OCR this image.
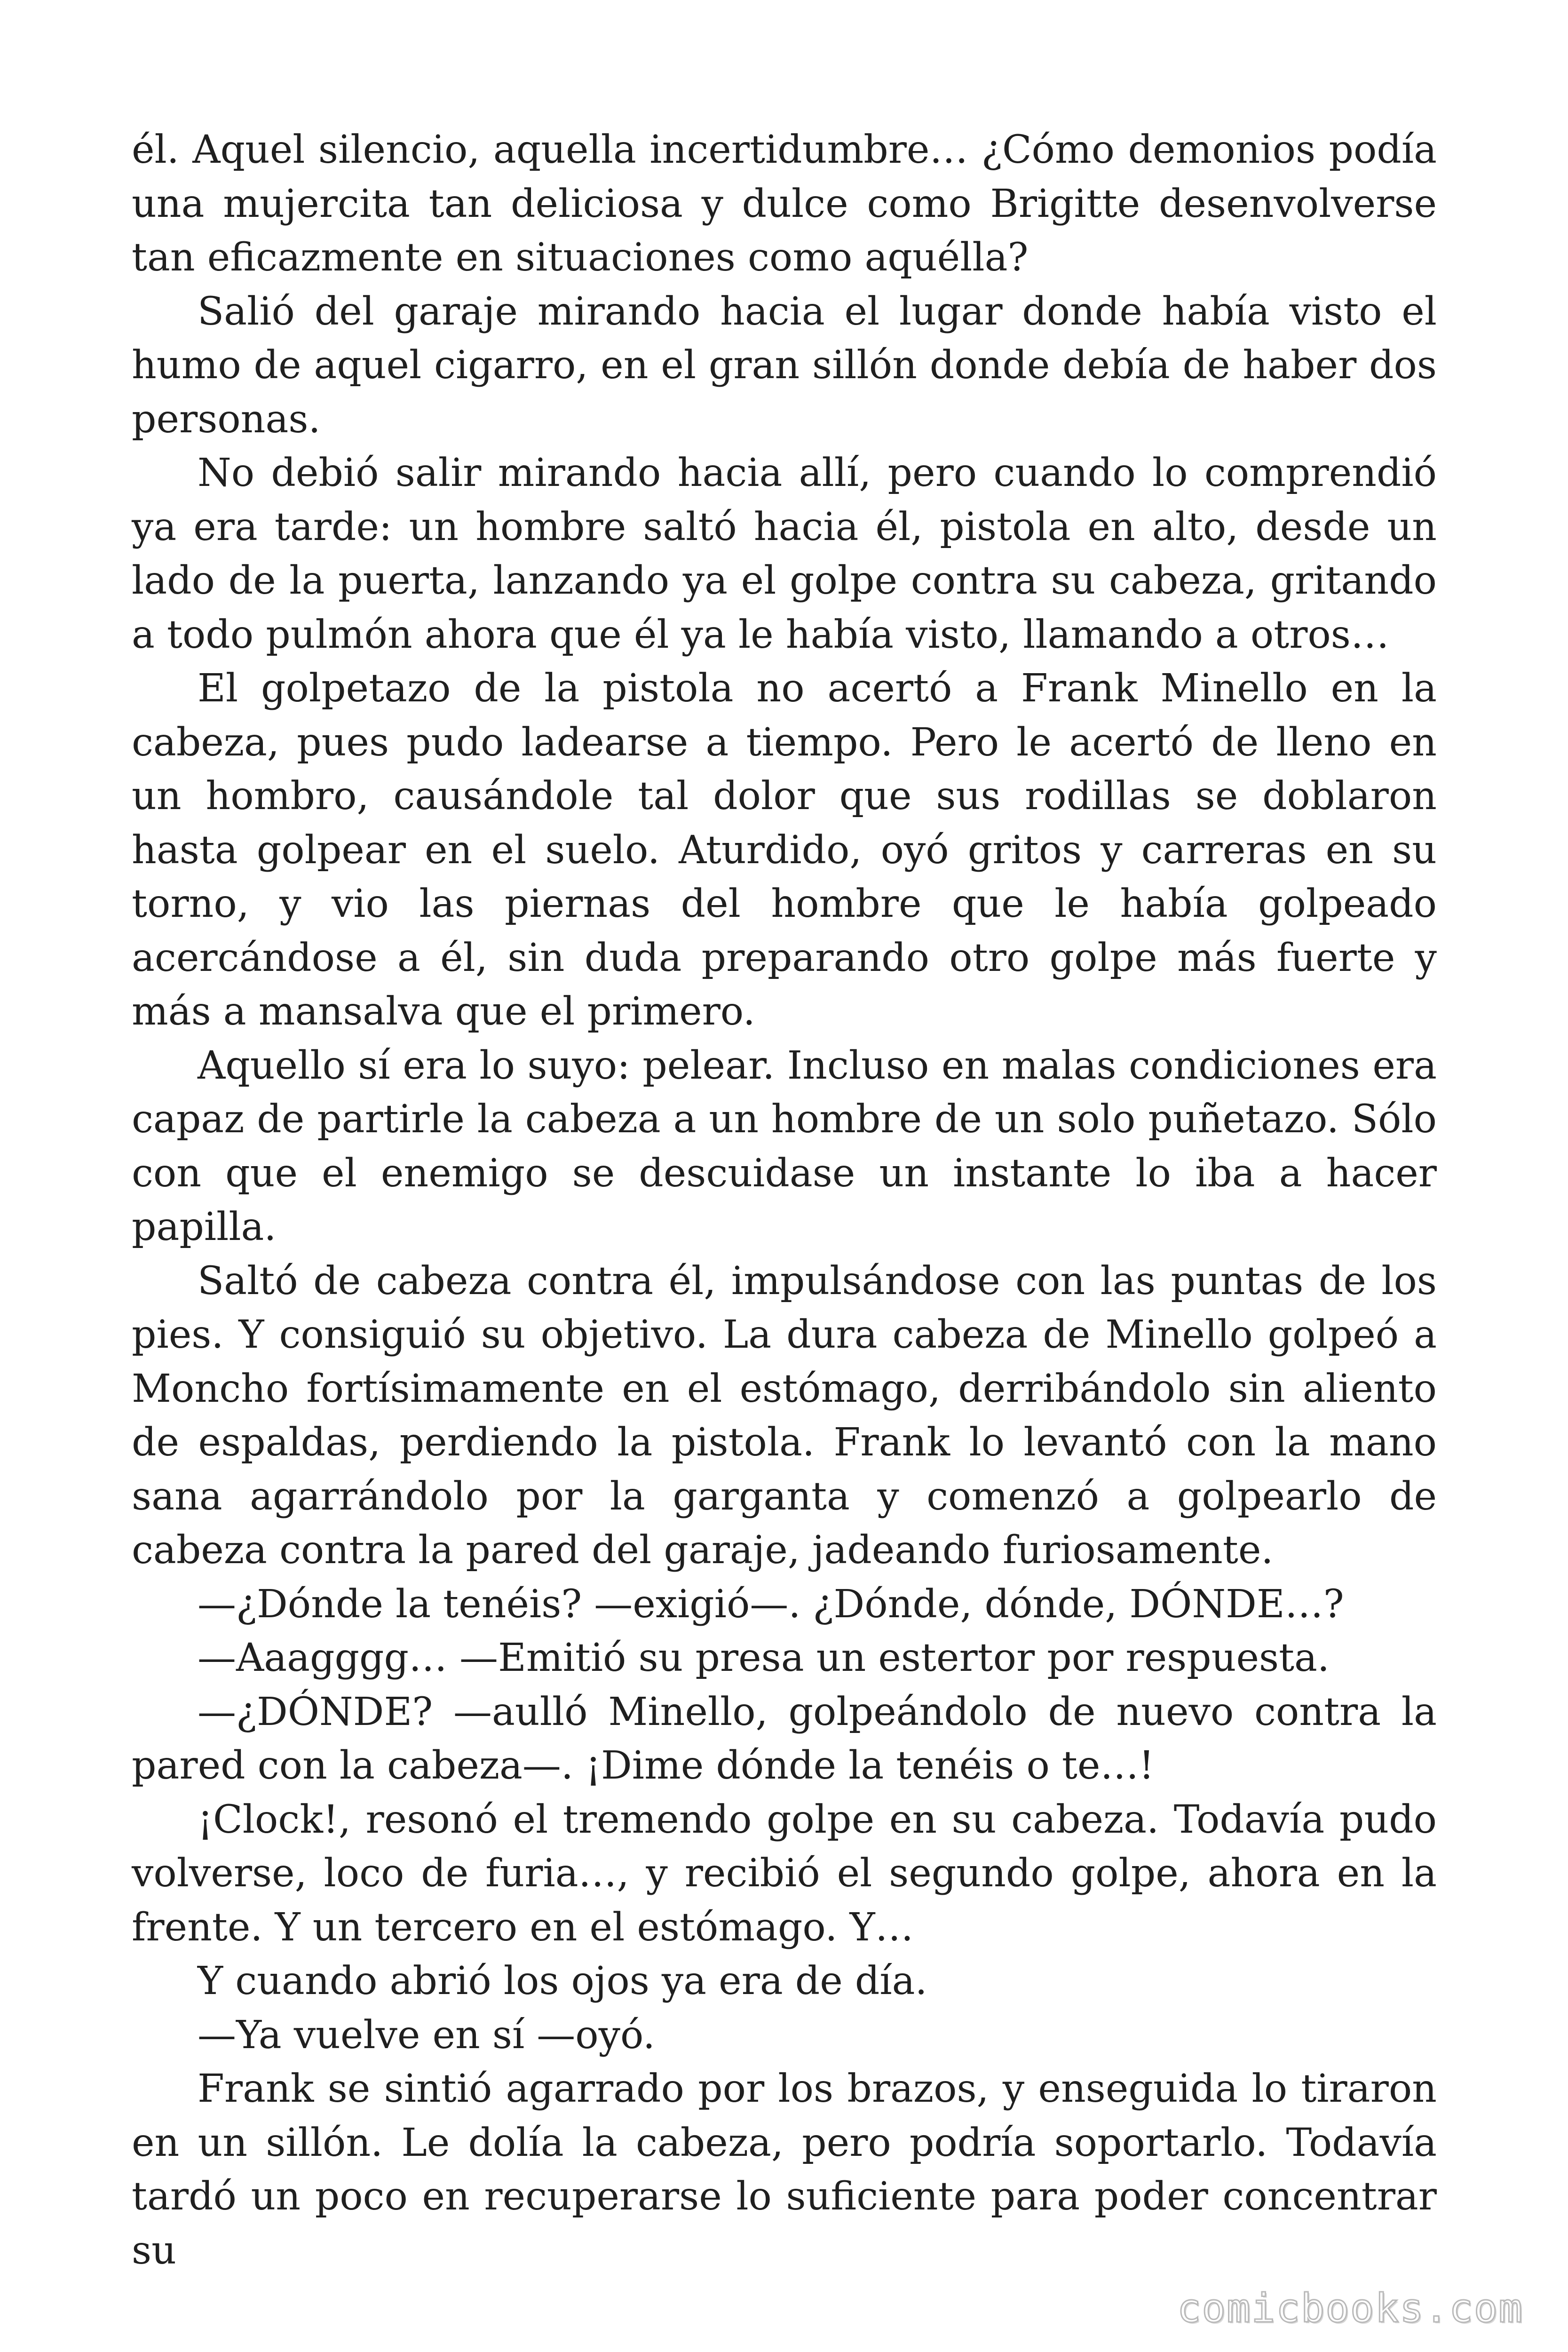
él. Aquel silencio, aquella incertidumbre… ¿Cómo demonios podía una mujercita tan deliciosa y dulce como Brigitte desenvolverse tan eficazmente en situaciones como aquélla?

Salió del garaje mirando hacia el lugar donde había visto el humo de aquel cigarro, en el gran sillón donde debía de haber dos personas.

No debió salir mirando hacia allí, pero cuando lo comprendió ya era tarde: un hombre saltó hacia él, pistola en alto, desde un lado de la puerta, lanzando ya el golpe contra su cabeza, gritando a todo pulmón ahora que él ya le había visto, llamando a otros…

El golpetazo de la pistola no acertó a Frank Minello en la cabeza, pues pudo ladearse a tiempo. Pero le acertó de lleno en un hombro, causándole tal dolor que sus rodillas se doblaron hasta golpear en el suelo. Aturdido, oyó gritos y carreras en su torno, y vio las piernas del hombre que le había golpeado acercándose a él, sin duda preparando otro golpe más fuerte y más a mansalva que el primero.

Aquello sí era lo suyo: pelear. Incluso en malas condiciones era capaz de partirle la cabeza a un hombre de un solo puñetazo. Sólo con que el enemigo se descuidase un instante lo iba a hacer papilla.

Saltó de cabeza contra él, impulsándose con las puntas de los pies. Y consiguió su objetivo. La dura cabeza de Minello golpeó a Moncho fortísimamente en el estómago, derribándolo sin aliento de espaldas, perdiendo la pistola. Frank lo levantó con la mano sana agarrándolo por la garganta y comenzó a golpearlo de cabeza contra la pared del garaje, jadeando furiosamente.

—¿Dónde la tenéis? —exigió—. ¿Dónde, dónde, DÓNDE…?

—Aaagggg… —Emitió su presa un estertor por respuesta.

—¿DÓNDE? —aulló Minello, golpeándolo de nuevo contra la pared con la cabeza—. ¡Dime dónde la tenéis o te…!

¡Clock!, resonó el tremendo golpe en su cabeza. Todavía pudo volverse, loco de furia…, y recibió el segundo golpe, ahora en la frente. Y un tercero en el estómago. Y…

Y cuando abrió los ojos ya era de día.

—Ya vuelve en sí —oyó.

Frank se sintió agarrado por los brazos, y enseguida lo tiraron en un sillón. Le dolía la cabeza, pero podría soportarlo. Todavía tardó un poco en recuperarse lo suficiente para poder concentrar su

comicbooks.com
